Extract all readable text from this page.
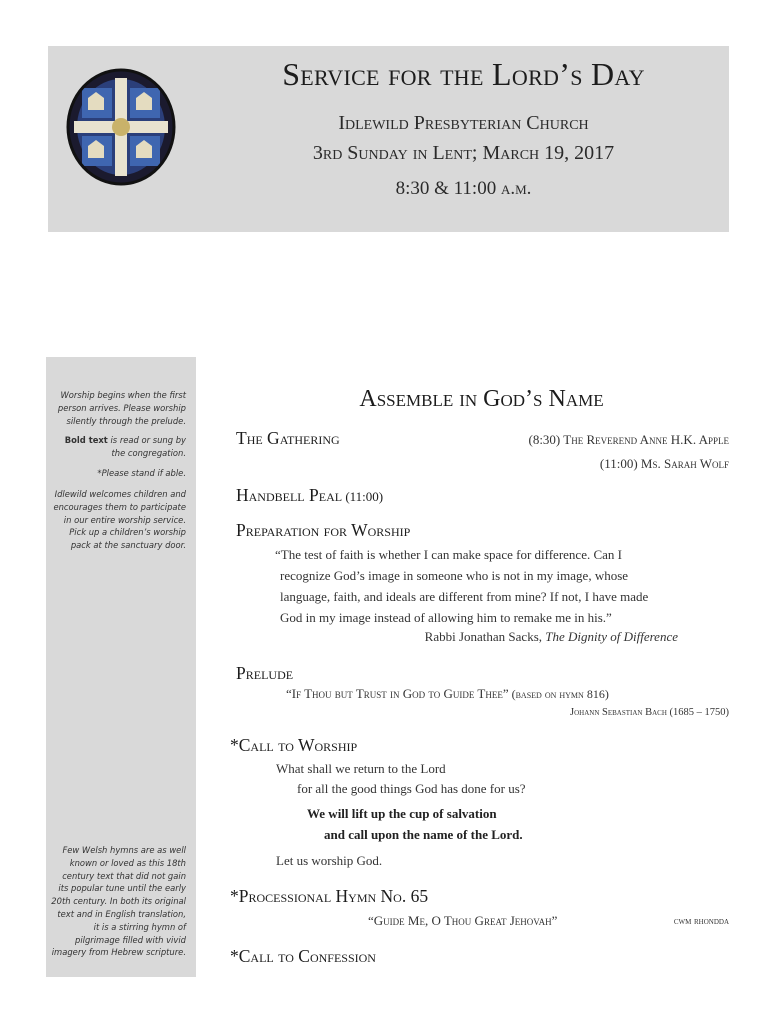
Service for the Lord’s Day
Idlewild Presbyterian Church
3rd Sunday in Lent; March 19, 2017
8:30 & 11:00 a.m.
Worship begins when the first person arrives. Please worship silently through the prelude.
Bold text is read or sung by the congregation.
*Please stand if able.
Idlewild welcomes children and encourages them to participate in our entire worship service. Pick up a children’s worship pack at the sanctuary door.
Few Welsh hymns are as well known or loved as this 18th century text that did not gain its popular tune until the early 20th century. In both its original text and in English translation, it is a stirring hymn of pilgrimage filled with vivid imagery from Hebrew scripture.
Assemble in God’s Name
The Gathering	(8:30) The Reverend Anne H.K. Apple
(11:00) Ms. Sarah Wolf
Handbell Peal (11:00)
Preparation for Worship
“The test of faith is whether I can make space for difference. Can I
recognize God’s image in someone who is not in my image, whose
language, faith, and ideals are different from mine? If not, I have made
God in my image instead of allowing him to remake me in his.”
Rabbi Jonathan Sacks, The Dignity of Difference
Prelude
“If Thou but Trust in God to Guide Thee” (based on hymn 816)
Johann Sebastian Bach (1685 – 1750)
*Call to Worship
What shall we return to the Lord
for all the good things God has done for us?
We will lift up the cup of salvation
and call upon the name of the Lord.
Let us worship God.
*Processional Hymn No. 65
“Guide Me, O Thou Great Jehovah”	cwm rhondda
*Call to Confession
